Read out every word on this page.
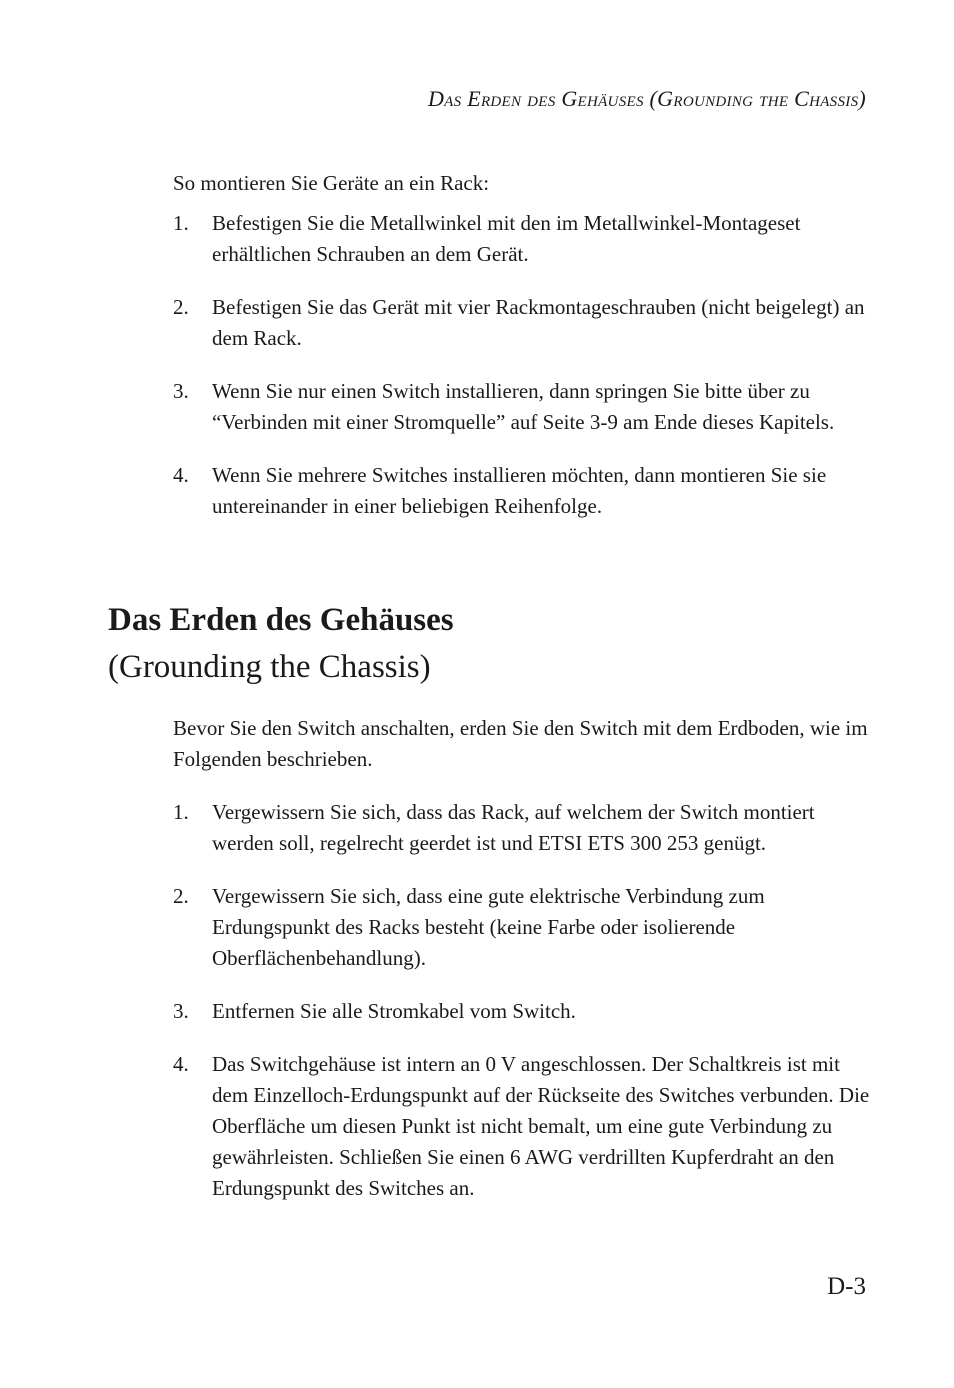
Das Erden des Gehäuses (Grounding the Chassis)
So montieren Sie Geräte an ein Rack:
1. Befestigen Sie die Metallwinkel mit den im Metallwinkel-Montageset erhältlichen Schrauben an dem Gerät.
2. Befestigen Sie das Gerät mit vier Rackmontageschrauben (nicht beigelegt) an dem Rack.
3. Wenn Sie nur einen Switch installieren, dann springen Sie bitte über zu “Verbinden mit einer Stromquelle” auf Seite 3-9 am Ende dieses Kapitels.
4. Wenn Sie mehrere Switches installieren möchten, dann montieren Sie sie untereinander in einer beliebigen Reihenfolge.
Das Erden des Gehäuses
(Grounding the Chassis)
Bevor Sie den Switch anschalten, erden Sie den Switch mit dem Erdboden, wie im Folgenden beschrieben.
1. Vergewissern Sie sich, dass das Rack, auf welchem der Switch montiert werden soll, regelrecht geerdet ist und ETSI ETS 300 253 genügt.
2. Vergewissern Sie sich, dass eine gute elektrische Verbindung zum Erdungspunkt des Racks besteht (keine Farbe oder isolierende Oberflächenbehandlung).
3. Entfernen Sie alle Stromkabel vom Switch.
4. Das Switchgehäuse ist intern an 0 V angeschlossen. Der Schaltkreis ist mit dem Einzelloch-Erdungspunkt auf der Rückseite des Switches verbunden. Die Oberfläche um diesen Punkt ist nicht bemalt, um eine gute Verbindung zu gewährleisten. Schließen Sie einen 6 AWG verdrillten Kupferdraht an den Erdungspunkt des Switches an.
D-3
